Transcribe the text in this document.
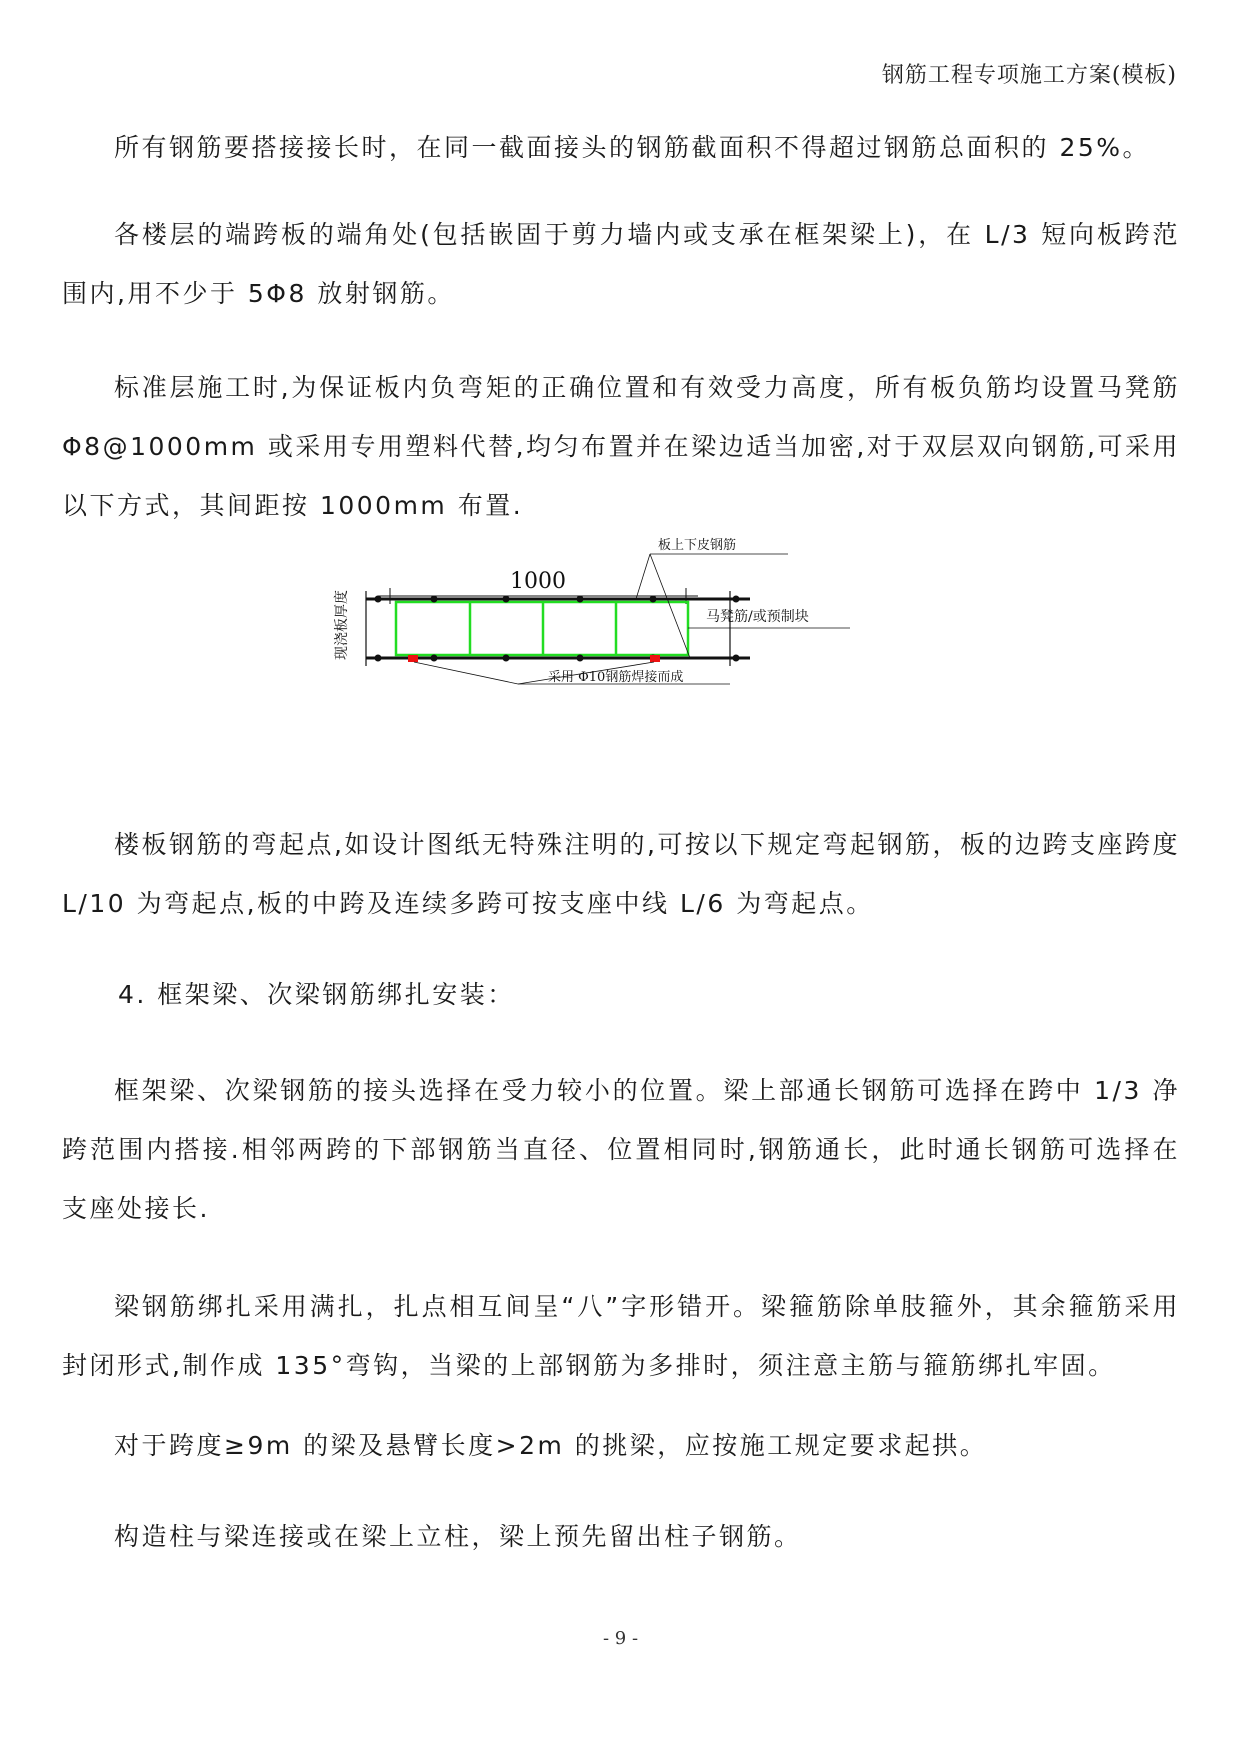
钢筋工程专项施工方案(模板)

所有钢筋要搭接接长时，在同一截面接头的钢筋截面积不得超过钢筋总面积的 25%。

各楼层的端跨板的端角处(包括嵌固于剪力墙内或支承在框架梁上)，在 L/3 短向板跨范围内,用不少于 5Φ8 放射钢筋。

标准层施工时,为保证板内负弯矩的正确位置和有效受力高度，所有板负筋均设置马凳筋Φ8@1000mm 或采用专用塑料代替,均匀布置并在梁边适当加密,对于双层双向钢筋,可采用以下方式，其间距按 1000mm 布置.

1000
现浇板厚度
板上下皮钢筋
马凳筋/或预制块
采用 Φ10钢筋焊接而成

楼板钢筋的弯起点,如设计图纸无特殊注明的,可按以下规定弯起钢筋，板的边跨支座跨度 L/10 为弯起点,板的中跨及连续多跨可按支座中线 L/6 为弯起点。

4. 框架梁、次梁钢筋绑扎安装：

框架梁、次梁钢筋的接头选择在受力较小的位置。梁上部通长钢筋可选择在跨中 1/3 净跨范围内搭接.相邻两跨的下部钢筋当直径、位置相同时,钢筋通长，此时通长钢筋可选择在支座处接长.

梁钢筋绑扎采用满扎，扎点相互间呈“八”字形错开。梁箍筋除单肢箍外，其余箍筋采用封闭形式,制作成 135°弯钩，当梁的上部钢筋为多排时，须注意主筋与箍筋绑扎牢固。

对于跨度≥9m 的梁及悬臂长度>2m 的挑梁，应按施工规定要求起拱。

构造柱与梁连接或在梁上立柱，梁上预先留出柱子钢筋。

- 9 -
